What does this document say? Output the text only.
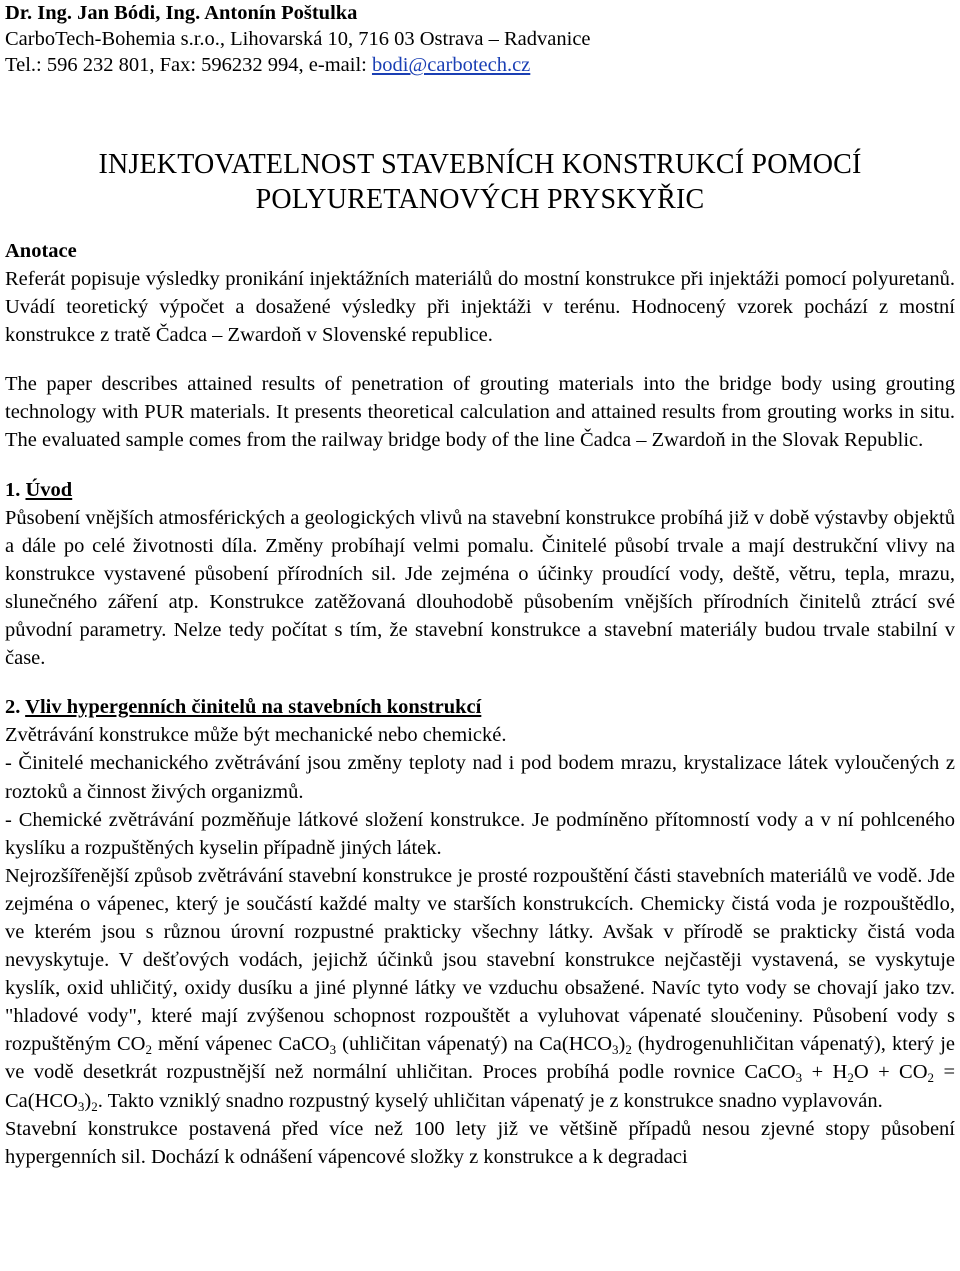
Dr. Ing. Jan Bódi, Ing. Antonín Poštulka
CarboTech-Bohemia s.r.o., Lihovarská 10, 716 03 Ostrava – Radvanice
Tel.: 596 232 801, Fax: 596232 994, e-mail: bodi@carbotech.cz
INJEKTOVATELNOST STAVEBNÍCH KONSTRUKCÍ POMOCÍ
POLYURETANOVÝCH PRYSKYŘIC
Anotace

Referát popisuje výsledky pronikání injektážních materiálů do mostní konstrukce při injektáži pomocí polyuretanů. Uvádí teoretický výpočet a dosažené výsledky při injektáži v terénu. Hodnocený vzorek pochází z mostní konstrukce z tratě Čadca – Zwardoň v Slovenské republice.

The paper describes attained results of penetration of grouting materials into the bridge body using grouting technology with PUR materials. It presents theoretical calculation and attained results from grouting works in situ. The evaluated sample comes from the railway bridge body of the line Čadca – Zwardoň in the Slovak Republic.

1. Úvod

Působení vnějších atmosférických a geologických vlivů na stavební konstrukce probíhá již v době výstavby objektů a dále po celé životnosti díla. Změny probíhají velmi pomalu. Činitelé působí trvale a mají destrukční vlivy na konstrukce vystavené působení přírodních sil. Jde zejména o účinky proudící vody, deště, větru, tepla, mrazu, slunečného záření atp. Konstrukce zatěžovaná dlouhodobě působením vnějších přírodních činitelů ztrácí své původní parametry. Nelze tedy počítat s tím, že stavební konstrukce a stavební materiály budou trvale stabilní v čase.

2. Vliv hypergenních činitelů na stavebních konstrukcí

Zvětrávání konstrukce může být mechanické nebo chemické.

- Činitelé mechanického zvětrávání jsou změny teploty nad i pod bodem mrazu, krystalizace látek vyloučených z roztoků a činnost živých organizmů.

- Chemické zvětrávání pozměňuje látkové složení konstrukce. Je podmíněno přítomností vody a v ní pohlceného kyslíku a rozpuštěných kyselin případně jiných látek.

Nejrozšířenější způsob zvětrávání stavební konstrukce je prosté rozpouštění části stavebních materiálů ve vodě. Jde zejména o vápenec, který je součástí každé malty ve starších konstrukcích. Chemicky čistá voda je rozpouštědlo, ve kterém jsou s různou úrovní rozpustné prakticky všechny látky. Avšak v přírodě se prakticky čistá voda nevyskytuje. V dešťových vodách, jejichž účinků jsou stavební konstrukce nejčastěji vystavená, se vyskytuje kyslík, oxid uhličitý, oxidy dusíku a jiné plynné látky ve vzduchu obsažené. Navíc tyto vody se chovají jako tzv. "hladové vody", které mají zvýšenou schopnost rozpouštět a vyluhovat vápenaté sloučeniny. Působení vody s rozpuštěným $CO_2$ mění vápenec CaCO$_3$ (uhličitan vápenatý) na $Ca(HCO_3)_2$ (hydrogenuhličitan vápenatý), který je ve vodě desetkrát rozpustnější než normální uhličitan. Proces probíhá podle rovnice CaCO$_3$ + $H_2O + CO_2 = Ca(HCO_3)_2$. Takto vzniklý snadno rozpustný kyselý uhličitan vápenatý je z konstrukce snadno vyplavován.

Stavební konstrukce postavená před více než 100 lety již ve většině případů nesou zjevné stopy působení hypergenních sil. Dochází k odnášení vápencové složky z konstrukce a k degradaci
